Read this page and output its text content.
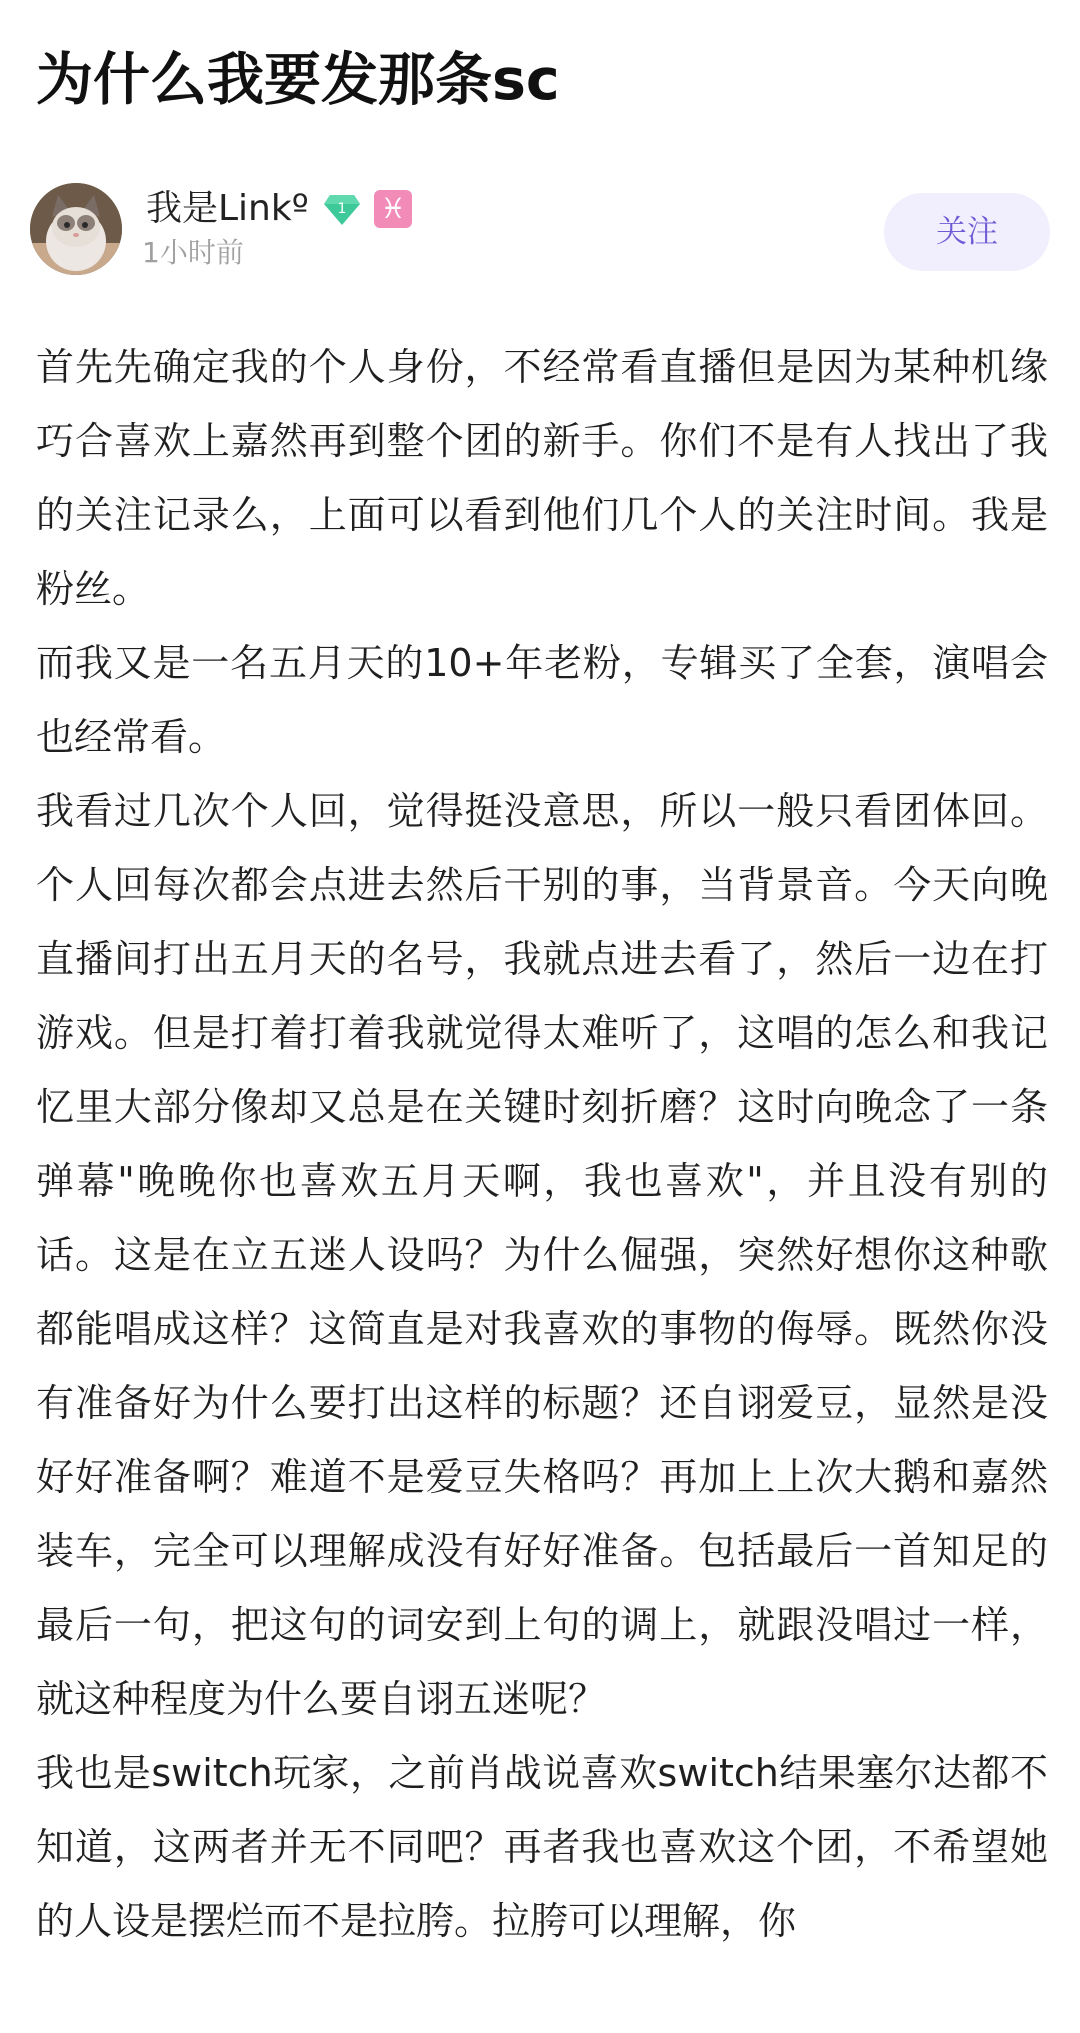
为什么我要发那条sc
我是Linkº 1 ♓
1小时前
关注

首先先确定我的个人身份，不经常看直播但是因为某种机缘巧合喜欢上嘉然再到整个团的新手。你们不是有人找出了我的关注记录么，上面可以看到他们几个人的关注时间。我是粉丝。

而我又是一名五月天的10+年老粉，专辑买了全套，演唱会也经常看。

我看过几次个人回，觉得挺没意思，所以一般只看团体回。个人回每次都会点进去然后干别的事，当背景音。今天向晚直播间打出五月天的名号，我就点进去看了，然后一边在打游戏。但是打着打着我就觉得太难听了，这唱的怎么和我记忆里大部分像却又总是在关键时刻折磨？这时向晚念了一条弹幕"晚晚你也喜欢五月天啊，我也喜欢"，并且没有别的话。这是在立五迷人设吗？为什么倔强，突然好想你这种歌都能唱成这样？这简直是对我喜欢的事物的侮辱。既然你没有准备好为什么要打出这样的标题？还自诩爱豆，显然是没好好准备啊？难道不是爱豆失格吗？再加上上次大鹅和嘉然装车，完全可以理解成没有好好准备。包括最后一首知足的最后一句，把这句的词安到上句的调上，就跟没唱过一样，就这种程度为什么要自诩五迷呢？

我也是switch玩家，之前肖战说喜欢switch结果塞尔达都不知道，这两者并无不同吧？再者我也喜欢这个团，不希望她的人设是摆烂而不是拉胯。拉胯可以理解，你
